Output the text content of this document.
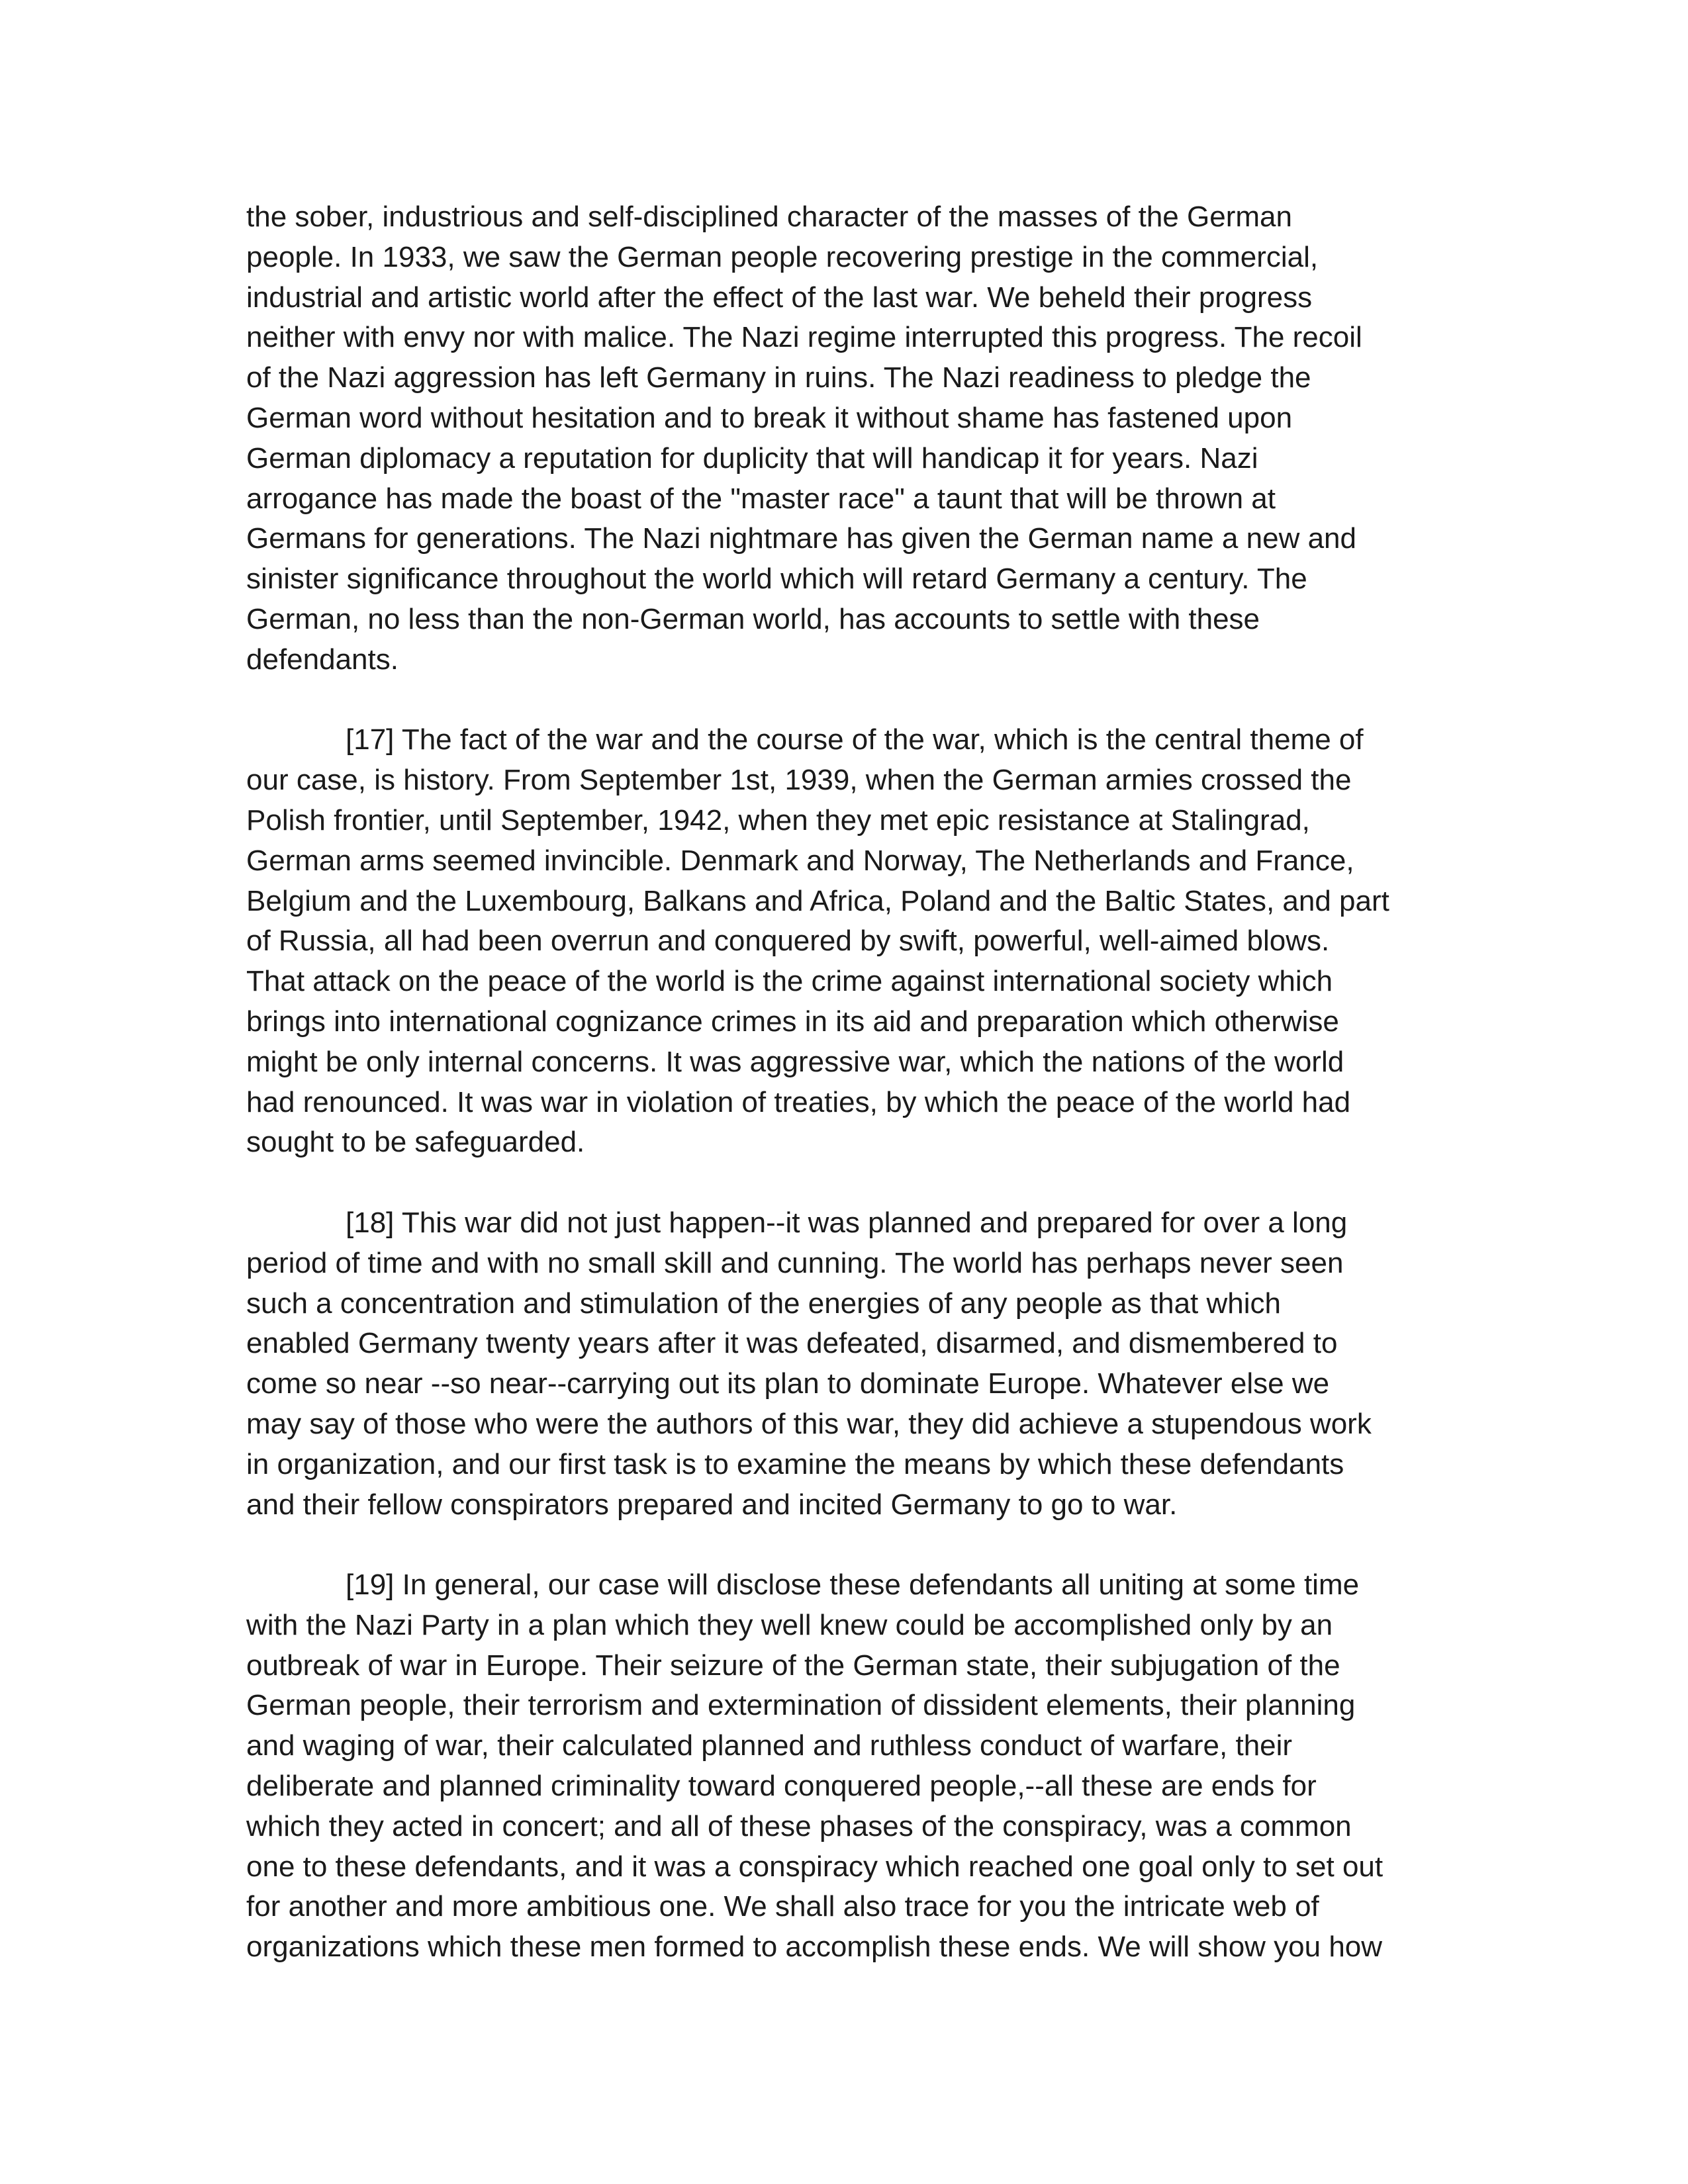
the sober, industrious and self-disciplined character of the masses of the German
people. In 1933, we saw the German people recovering prestige in the commercial,
industrial and artistic world after the effect of the last war. We beheld their progress
neither with envy nor with malice. The Nazi regime interrupted this progress. The recoil
of the Nazi aggression has left Germany in ruins. The Nazi readiness to pledge the
German word without hesitation and to break it without shame has fastened upon
German diplomacy a reputation for duplicity that will handicap it for years. Nazi
arrogance has made the boast of the "master race" a taunt that will be thrown at
Germans for generations. The Nazi nightmare has given the German name a new and
sinister significance throughout the world which will retard Germany a century. The
German, no less than the non-German world, has accounts to settle with these
defendants.

[17] The fact of the war and the course of the war, which is the central theme of
our case, is history. From September 1st, 1939, when the German armies crossed the
Polish frontier, until September, 1942, when they met epic resistance at Stalingrad,
German arms seemed invincible. Denmark and Norway, The Netherlands and France,
Belgium and the Luxembourg, Balkans and Africa, Poland and the Baltic States, and part
of Russia, all had been overrun and conquered by swift, powerful, well-aimed blows.
That attack on the peace of the world is the crime against international society which
brings into international cognizance crimes in its aid and preparation which otherwise
might be only internal concerns. It was aggressive war, which the nations of the world
had renounced. It was war in violation of treaties, by which the peace of the world had
sought to be safeguarded.

[18] This war did not just happen--it was planned and prepared for over a long
period of time and with no small skill and cunning. The world has perhaps never seen
such a concentration and stimulation of the energies of any people as that which
enabled Germany twenty years after it was defeated, disarmed, and dismembered to
come so near --so near--carrying out its plan to dominate Europe. Whatever else we
may say of those who were the authors of this war, they did achieve a stupendous work
in organization, and our first task is to examine the means by which these defendants
and their fellow conspirators prepared and incited Germany to go to war.

[19] In general, our case will disclose these defendants all uniting at some time
with the Nazi Party in a plan which they well knew could be accomplished only by an
outbreak of war in Europe. Their seizure of the German state, their subjugation of the
German people, their terrorism and extermination of dissident elements, their planning
and waging of war, their calculated planned and ruthless conduct of warfare, their
deliberate and planned criminality toward conquered people,--all these are ends for
which they acted in concert; and all of these phases of the conspiracy, was a common
one to these defendants, and it was a conspiracy which reached one goal only to set out
for another and more ambitious one. We shall also trace for you the intricate web of
organizations which these men formed to accomplish these ends. We will show you how
